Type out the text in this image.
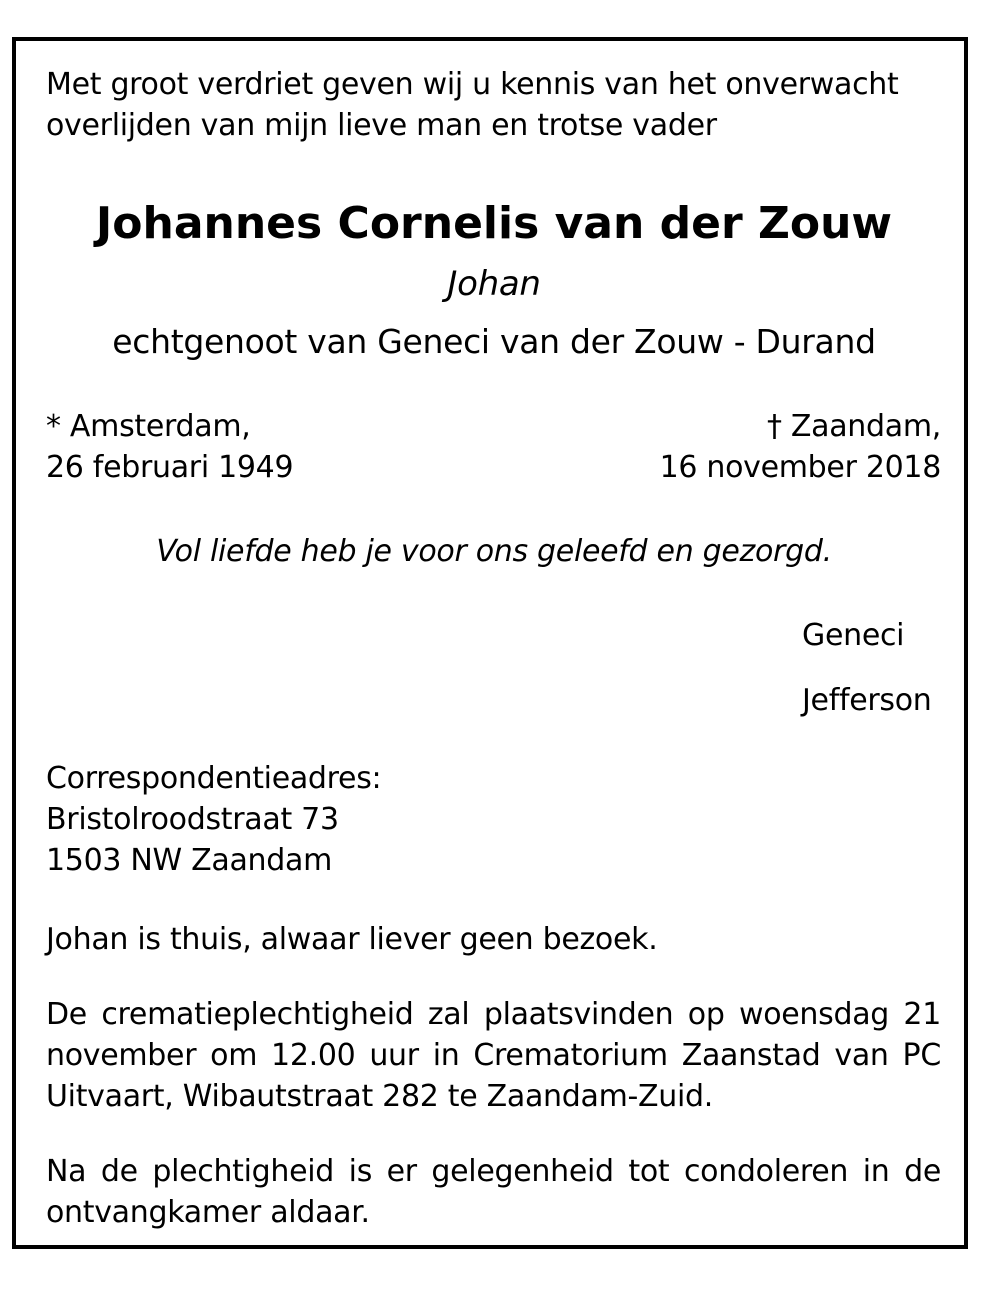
Met groot verdriet geven wij u kennis van het onverwacht overlijden van mijn lieve man en trotse vader

Johannes Cornelis van der Zouw

Johan

echtgenoot van Geneci van der Zouw - Durand

* Amsterdam,
26 februari 1949
† Zaandam,
16 november 2018

Vol liefde heb je voor ons geleefd en gezorgd.

Geneci

Jefferson

Correspondentieadres:
Bristolroodstraat 73
1503 NW Zaandam

Johan is thuis, alwaar liever geen bezoek.

De crematieplechtigheid zal plaatsvinden op woensdag 21 november om 12.00 uur in Crematorium Zaanstad van PC Uitvaart, Wibautstraat 282 te Zaandam-Zuid.

Na de plechtigheid is er gelegenheid tot condoleren in de ontvangkamer aldaar.
